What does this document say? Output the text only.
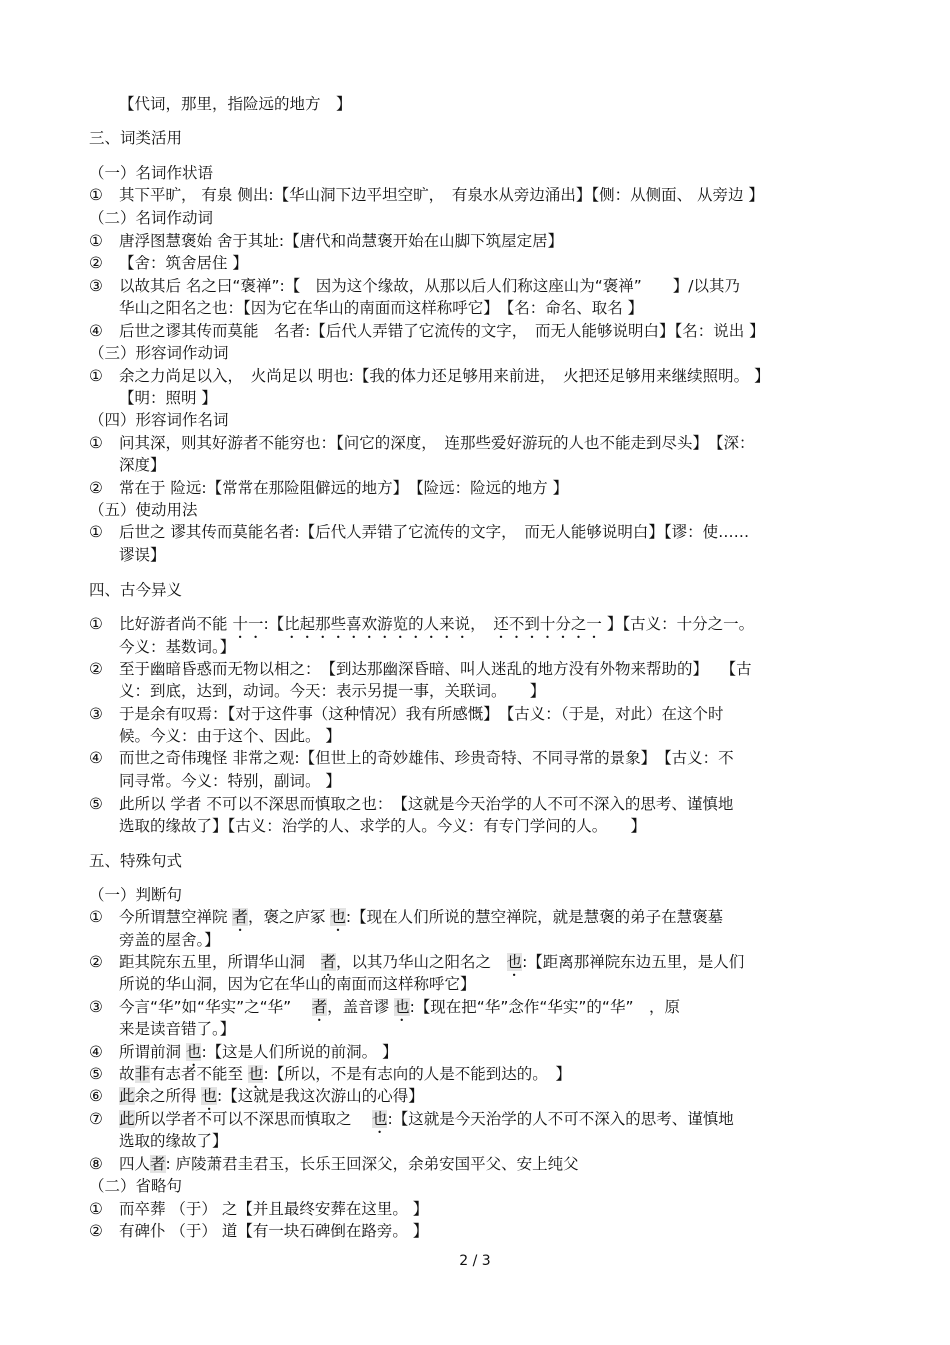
【代词，那里，指险远的地方　】
三、词类活用
（一）名词作状语
① 其下平旷， 有泉 侧出:【华山洞下边平坦空旷，　有泉水从旁边涌出】【侧：从侧面、 从旁边 】
（二）名词作动词
① 唐浮图慧褒始 舍于其址:【唐代和尚慧褒开始在山脚下筑屋定居】
② 【舍：筑舍居住 】
③ 以故其后 名之曰“褒禅”:【　因为这个缘故，从那以后人们称这座山为“褒禅”　　】/以其乃
华山之阳名之也：【因为它在华山的南面而这样称呼它】　【名：命名、取名 】
④ 后世之谬其传而莫能　名者:【后代人弄错了它流传的文字，　而无人能够说明白】【名：说出 】
（三）形容词作动词
① 余之力尚足以入，　火尚足以 明也:【我的体力还足够用来前进，　火把还足够用来继续照明。 】
【明：照明 】
（四）形容词作名词
① 问其深，则其好游者不能穷也：【问它的深度，　连那些爱好游玩的人也不能走到尽头】　【深：
深度】
② 常在于 险远:【常常在那险阻僻远的地方】　【险远：险远的地方 】
（五）使动用法
① 后世之 谬其传而莫能名者:【后代人弄错了它流传的文字，　而无人能够说明白】【谬：使……
谬误】
四、古今异义
① 比好游者尚不能 十一:【比起那些喜欢游览的人来说，　还不到十分之一 】【古义：十分之一。
今义：基数词。】
② 至于幽暗昏惑而无物以相之：　【到达那幽深昏暗、叫人迷乱的地方没有外物来帮助的】　 【古
义：到底，达到，动词。今天：表示另提一事，关联词。　　】
③ 于是余有叹焉：【对于这件事（这种情况）我有所感慨】　【古义：（于是，对此）在这个时
候。今义：由于这个、因此。 】
④ 而世之奇伟瑰怪 非常之观:【但世上的奇妙雄伟、珍贵奇特、不同寻常的景象】　【古义：不
同寻常。今义：特别，副词。 】
⑤ 此所以 学者 不可以不深思而慎取之也：　【这就是今天治学的人不可不深入的思考、谨慎地
选取的缘故了】【古义：治学的人、求学的人。今义：有专门学问的人。　　】
五、特殊句式
（一）判断句
① 今所谓慧空禅院 者，褒之庐冢 也:【现在人们所说的慧空禅院，就是慧褒的弟子在慧褒墓
旁盖的屋舍。】
② 距其院东五里，所谓华山洞　者，以其乃华山之阳名之　也:【距离那禅院东边五里，是人们
所说的华山洞，因为它在华山的南面而这样称呼它】
③ 今言“华”如“华实”之“华”　 者，盖音谬 也:【现在把“华”念作“华实”的“华”　，原
来是读音错了。】
④ 所谓前洞 也:【这是人们所说的前洞。 】
⑤ 故非有志者不能至 也:【所以，不是有志向的人是不能到达的。　】
⑥ 此余之所得 也:【这就是我这次游山的心得】
⑦ 此所以学者不可以不深思而慎取之　 也:【这就是今天治学的人不可不深入的思考、谨慎地
选取的缘故了】
⑧ 四人者: 庐陵萧君圭君玉，长乐王回深父，余弟安国平父、安上纯父
（二）省略句
① 而卒葬 （于） 之【并且最终安葬在这里。 】
② 有碑仆 （于） 道【有一块石碑倒在路旁。 】
2 / 3
